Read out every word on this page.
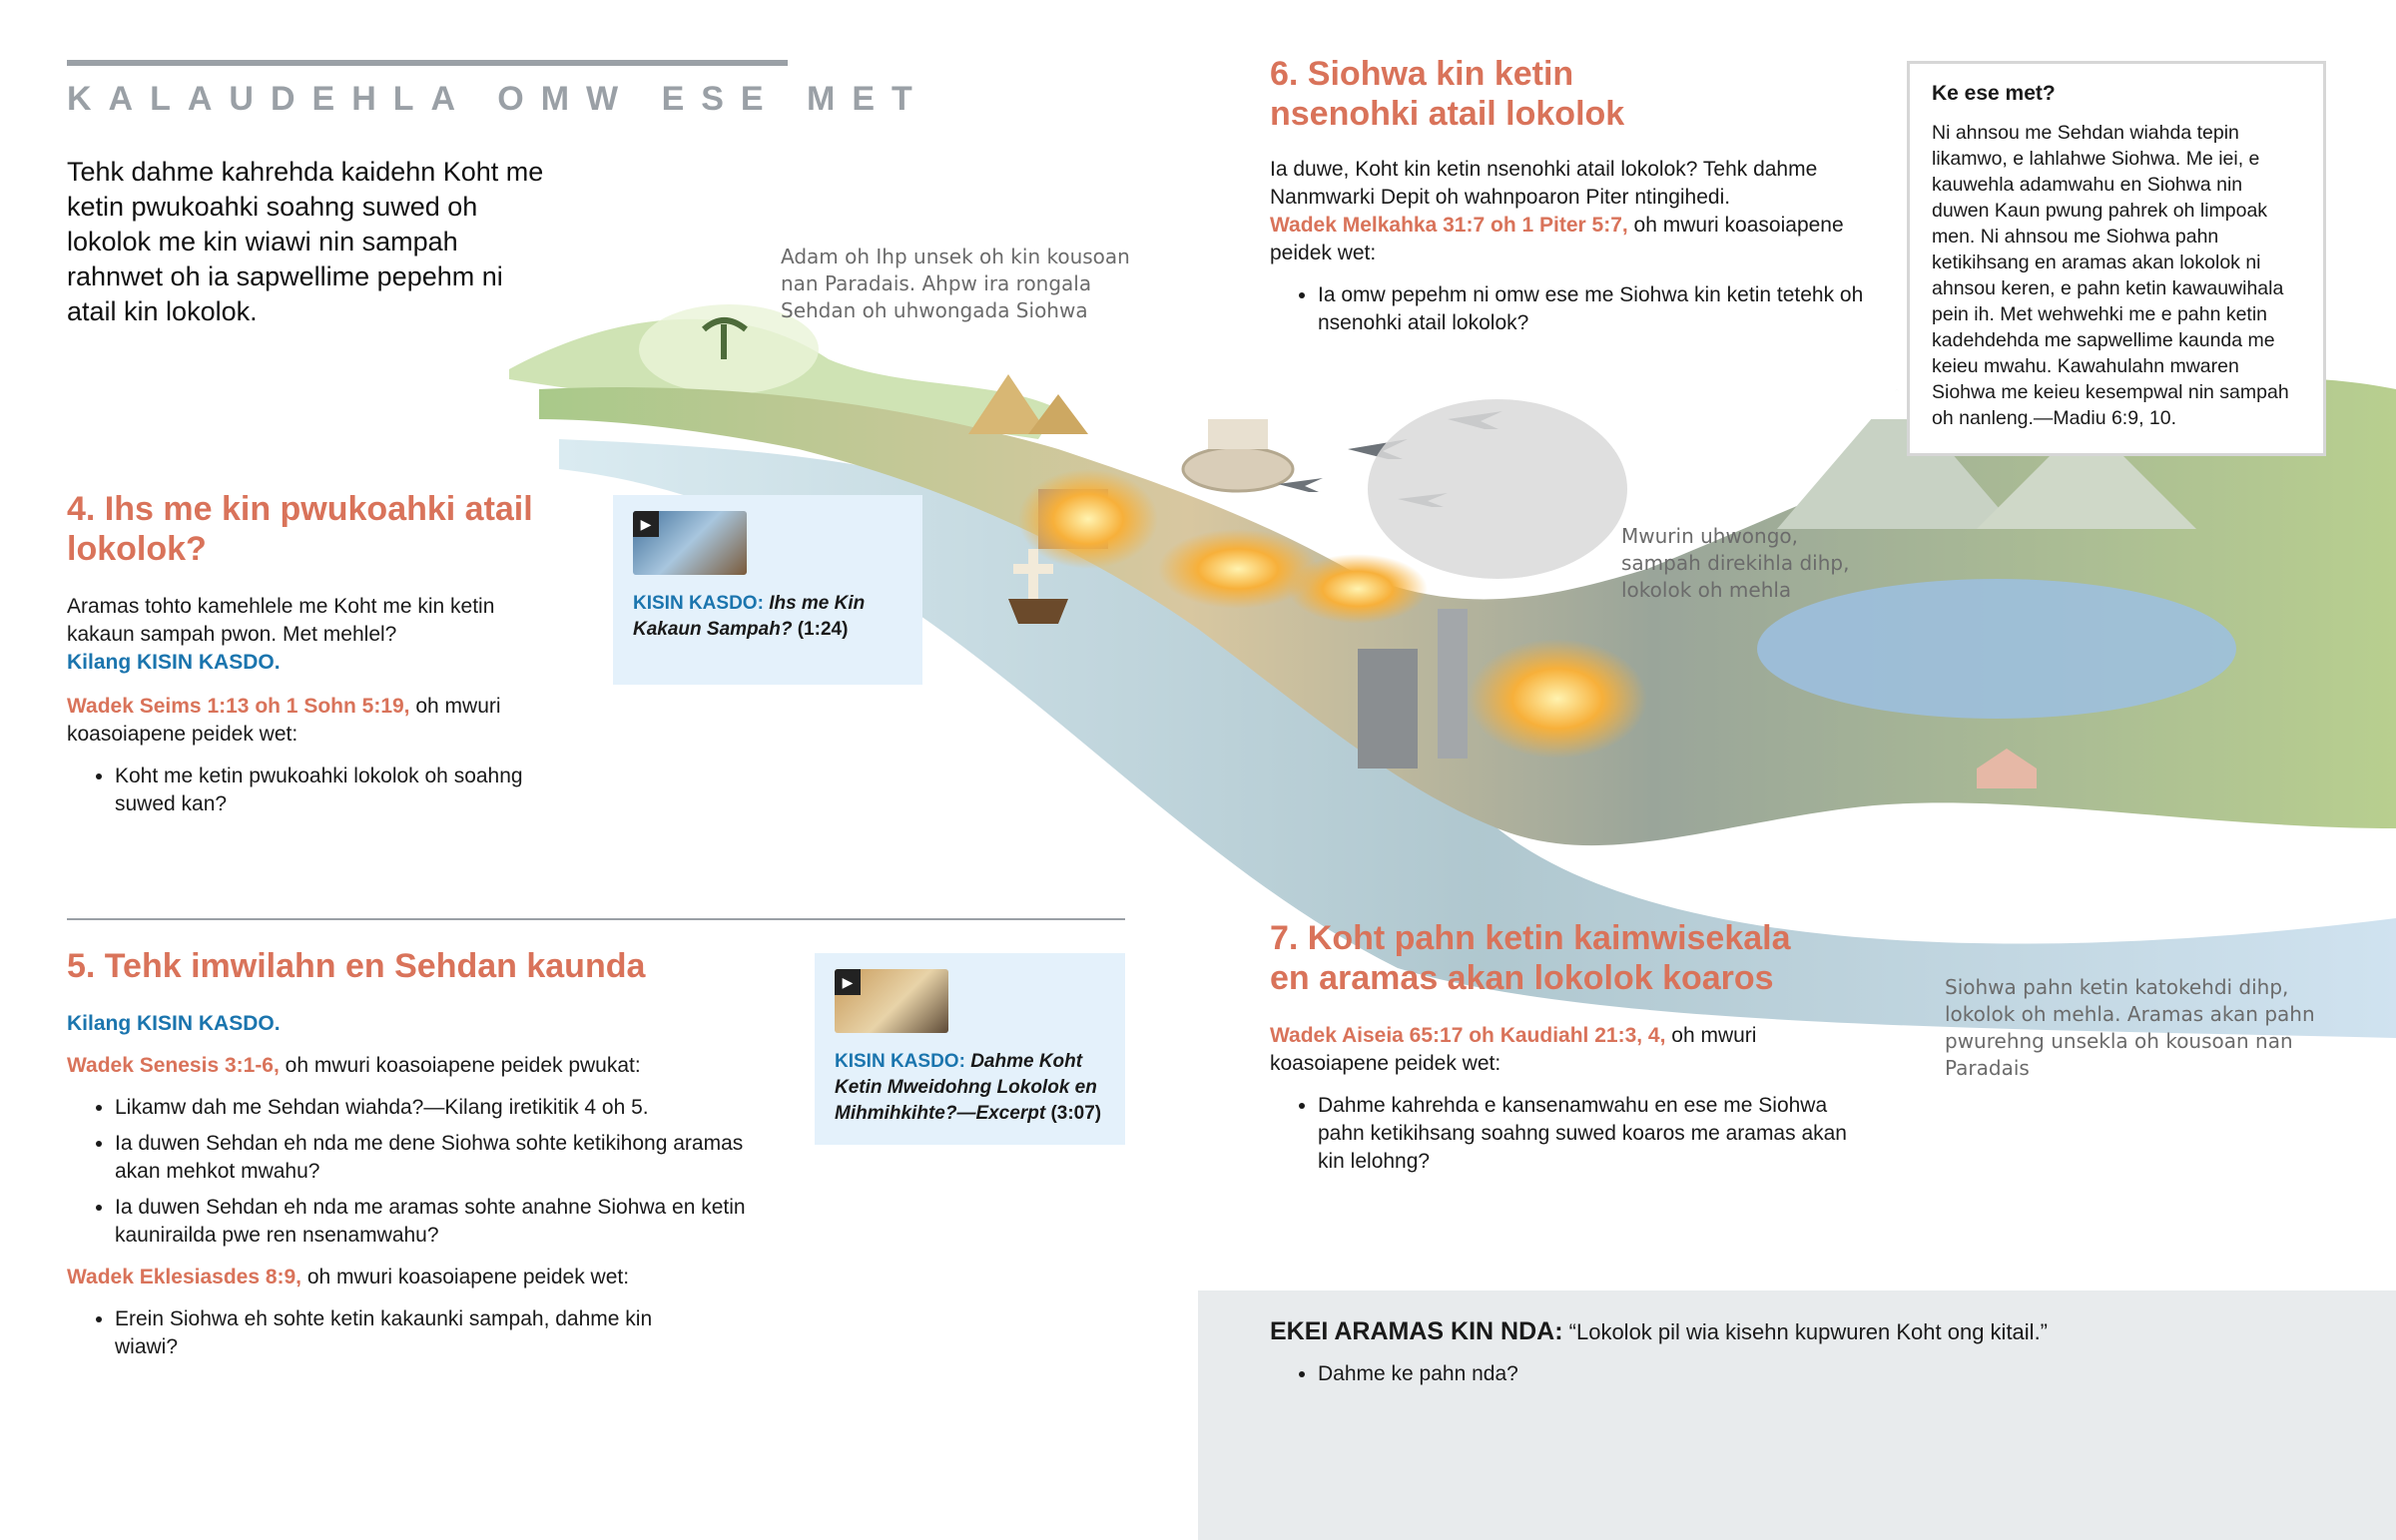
KALAUDEHLA OMW ESE MET
Tehk dahme kahrehda kaidehn Koht me ketin pwukoahki soahng suwed oh lokolok me kin wiawi nin sampah rahnwet oh ia sapwellime pepehm ni atail kin lokolok.
Adam oh Ihp unsek oh kin kousoan nan Paradais. Ahpw ira rongala Sehdan oh uhwongada Siohwa
Mwurin uhwongo, sampah direkihla dihp, lokolok oh mehla
Siohwa pahn ketin katokehdi dihp, lokolok oh mehla. Aramas akan pahn pwurehng unsekla oh kousoan nan Paradais
4. Ihs me kin pwukoahki atail lokolok?

Aramas tohto kamehlele me Koht me kin ketin kakaun sampah pwon. Met mehlel?

Kilang KISIN KASDO.

Wadek Seims 1:13 oh 1 Sohn 5:19, oh mwuri koasoiapene peidek wet:

• Koht me ketin pwukoahki lokolok oh soahng suwed kan?
▶
KISIN KASDO: Ihs me Kin Kakaun Sampah? (1:24)
5. Tehk imwilahn en Sehdan kaunda

Kilang KISIN KASDO.

Wadek Senesis 3:1-6, oh mwuri koasoiapene peidek pwukat:

• Likamw dah me Sehdan wiahda?—Kilang iretikitik 4 oh 5.
• Ia duwen Sehdan eh nda me dene Siohwa sohte ketikihong aramas akan mehkot mwahu?
• Ia duwen Sehdan eh nda me aramas sohte anahne Siohwa en ketin kaunirailda pwe ren nsenamwahu?

Wadek Eklesiasdes 8:9, oh mwuri koasoiapene peidek wet:

• Erein Siohwa eh sohte ketin kakaunki sampah, dahme kin wiawi?
▶
KISIN KASDO: Dahme Koht Ketin Mweidohng Lokolok en Mihmihkihte?—Excerpt (3:07)
6. Siohwa kin ketin nsenohki atail lokolok

Ia duwe, Koht kin ketin nsenohki atail lokolok? Tehk dahme Nanmwarki Depit oh wahnpoaron Piter ntingihedi.

Wadek Melkahka 31:7 oh 1 Piter 5:7, oh mwuri koasoiapene peidek wet:

• Ia omw pepehm ni omw ese me Siohwa kin ketin tetehk oh nsenohki atail lokolok?
Ke ese met?
Ni ahnsou me Sehdan wiahda tepin likamwo, e lahlahwe Siohwa. Me iei, e kauwehla adamwahu en Siohwa nin duwen Kaun pwung pahrek oh limpoak men. Ni ahnsou me Siohwa pahn ketikihsang en aramas akan lokolok ni ahnsou keren, e pahn ketin kawauwihala pein ih. Met wehwehki me e pahn ketin kadehdehda me sapwellime kaunda me keieu mwahu. Kawahulahn mwaren Siohwa me keieu kesempwal nin sampah oh nanleng.—Madiu 6:9, 10.
7. Koht pahn ketin kaimwisekala en aramas akan lokolok koaros

Wadek Aiseia 65:17 oh Kaudiahl 21:3, 4, oh mwuri koasoiapene peidek wet:

• Dahme kahrehda e kansenamwahu en ese me Siohwa pahn ketikihsang soahng suwed koaros me aramas akan kin lelohng?
EKEI ARAMAS KIN NDA: “Lokolok pil wia kisehn kupwuren Koht ong kitail.”
• Dahme ke pahn nda?
